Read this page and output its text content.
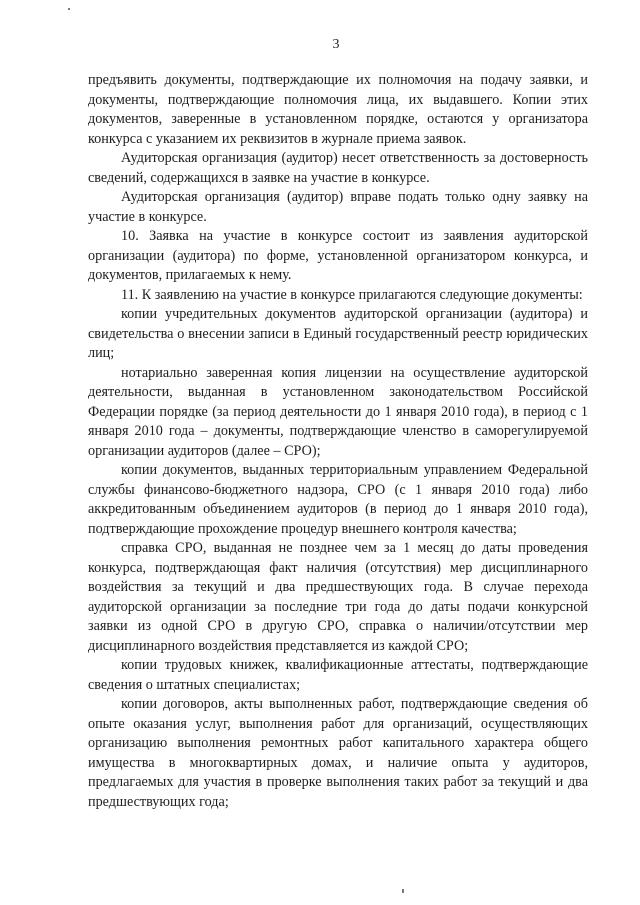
3

предъявить документы, подтверждающие их полномочия на подачу заявки, и документы, подтверждающие полномочия лица, их выдавшего. Копии этих документов, заверенные в установленном порядке, остаются у организатора конкурса с указанием их реквизитов в журнале приема заявок.

Аудиторская организация (аудитор) несет ответственность за достоверность сведений, содержащихся в заявке на участие в конкурсе.

Аудиторская организация (аудитор) вправе подать только одну заявку на участие в конкурсе.

10. Заявка на участие в конкурсе состоит из заявления аудиторской организации (аудитора) по форме, установленной организатором конкурса, и документов, прилагаемых к нему.

11. К заявлению на участие в конкурсе прилагаются следующие документы:

копии учредительных документов аудиторской организации (аудитора) и свидетельства о внесении записи в Единый государственный реестр юридических лиц;

нотариально заверенная копия лицензии на осуществление аудиторской деятельности, выданная в установленном законодательством Российской Федерации порядке (за период деятельности до 1 января 2010 года), в период с 1 января 2010 года – документы, подтверждающие членство в саморегулируемой организации аудиторов (далее – СРО);

копии документов, выданных территориальным управлением Федеральной службы финансово-бюджетного надзора, СРО (с 1 января 2010 года) либо аккредитованным объединением аудиторов (в период до 1 января 2010 года), подтверждающие прохождение процедур внешнего контроля качества;

справка СРО, выданная не позднее чем за 1 месяц до даты проведения конкурса, подтверждающая факт наличия (отсутствия) мер дисциплинарного воздействия за текущий и два предшествующих года. В случае перехода аудиторской организации за последние три года до даты подачи конкурсной заявки из одной СРО в другую СРО, справка о наличии/отсутствии мер дисциплинарного воздействия представляется из каждой СРО;

копии трудовых книжек, квалификационные аттестаты, подтверждающие сведения о штатных специалистах;

копии договоров, акты выполненных работ, подтверждающие сведения об опыте оказания услуг, выполнения работ для организаций, осуществляющих организацию выполнения ремонтных работ капитального характера общего имущества в многоквартирных домах, и наличие опыта у аудиторов, предлагаемых для участия в проверке выполнения таких работ за текущий и два предшествующих года;
